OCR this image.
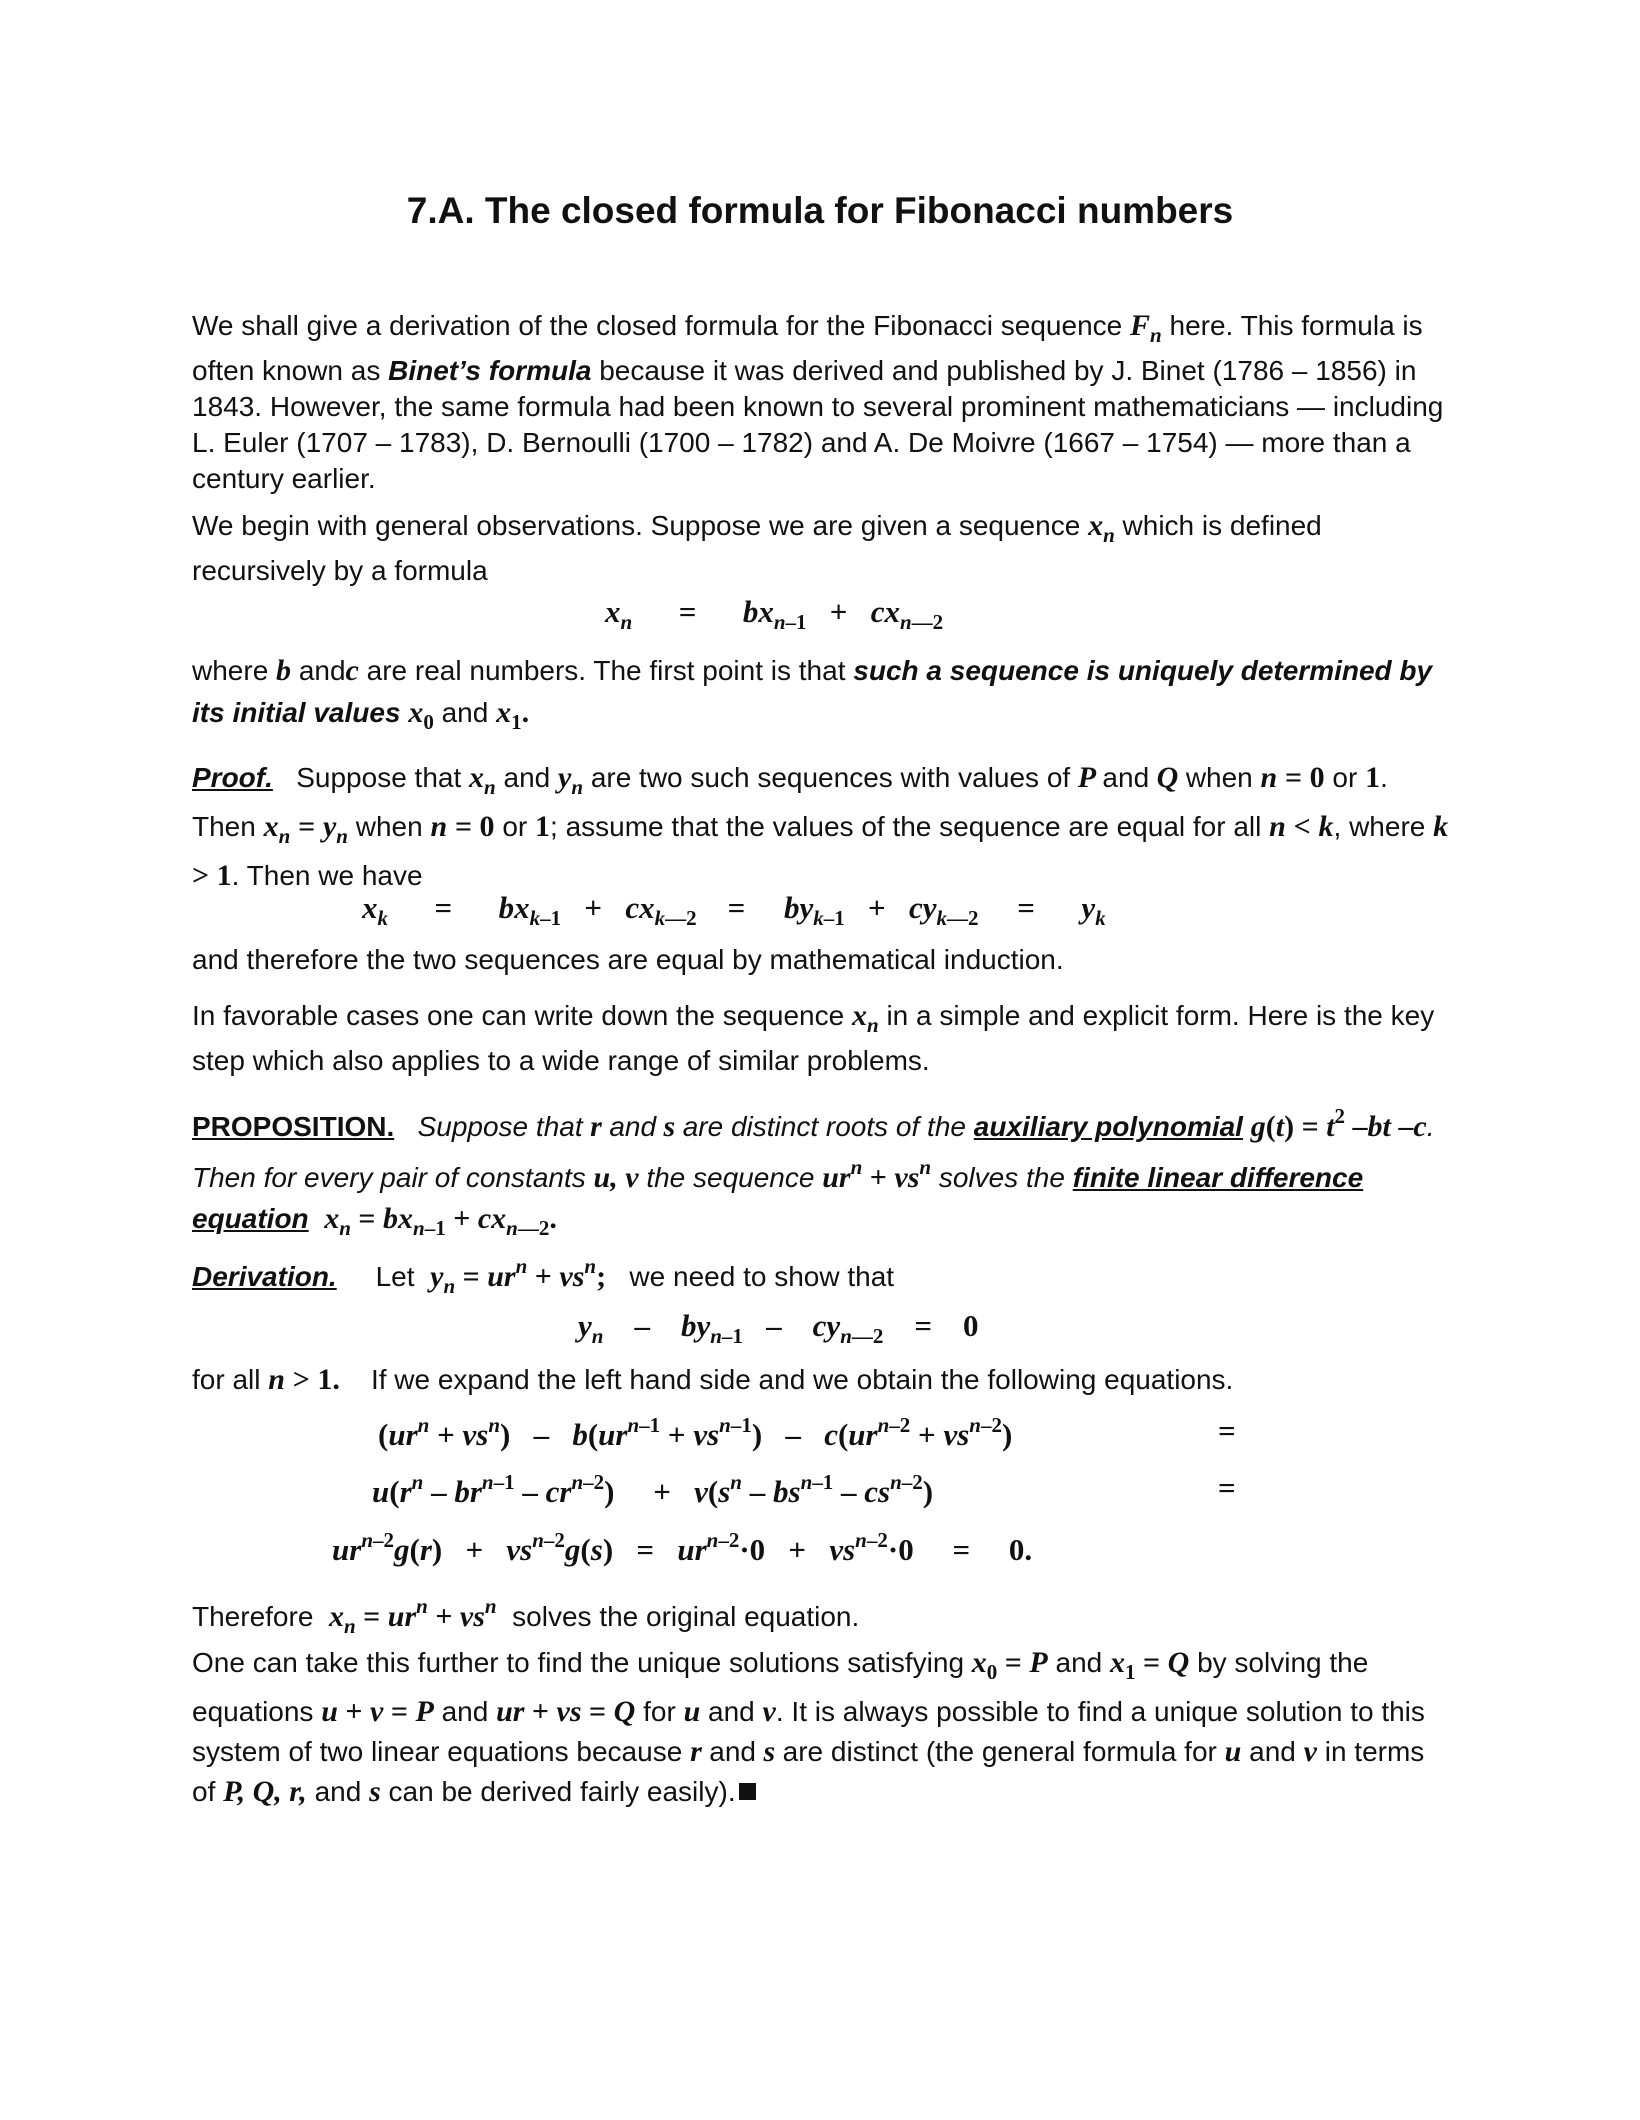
7.A. The closed formula for Fibonacci numbers
We shall give a derivation of the closed formula for the Fibonacci sequence $F_n$ here. This formula is often known as Binet’s formula because it was derived and published by J. Binet (1786 – 1856) in 1843. However, the same formula had been known to several prominent mathematicians — including L. Euler (1707 – 1783), D. Bernoulli (1700 – 1782) and A. De Moivre (1667 – 1754) — more than a century earlier.
We begin with general observations. Suppose we are given a sequence $x_n$ which is defined recursively by a formula
$x_n$      =      $bx_{n-1} + cx_{n—2}$
where b andc are real numbers. The first point is that such a sequence is uniquely determined by its initial values $x_0$ and $x_1$.
Proof. Suppose that $x_n$ and $y_n$ are two such sequences with values of P and Q when n = 0 or 1. Then $x_n = y_n$ when n = 0 or 1; assume that the values of the sequence are equal for all n < k, where k > 1. Then we have
$x_k$      =      $bx_{k-1} + cx_{k—2}$    =     $by_{k-1} + cy_{k—2}$     =      $y_k$
and therefore the two sequences are equal by mathematical induction.
In favorable cases one can write down the sequence $x_n$ in a simple and explicit form. Here is the key step which also applies to a wide range of similar problems.
PROPOSITION. Suppose that r and s are distinct roots of the auxiliary polynomial $g(t) = t^2$ –bt –c. Then for every pair of constants u, v the sequence $ur^n + vs^n$ solves the finite linear difference equation $x_n = bx_{n-1} + cx_{n—2}$.
Derivation. Let $y_n = ur^n + vs^n$; we need to show that
$y_n$    –    $by_{n-1}$   –    $cy_{n—2}$    =    0
for all n > 1. If we expand the left hand side and we obtain the following equations.
$(ur^n + vs^n) - b(ur^{n-1} + vs^{n-1}) - c(ur^{n-2} + vs^{n-2})$	=
$u(r^n - br^{n-1} - cr^{n-2})$     +   $v(s^n - bs^{n-1} - cs^{n-2})$	=
$ur^{n-2}g(r) + vs^{n-2}g(s) = ur^{n-2}\cdot 0 + vs^{n-2}\cdot 0$     =     0.
Therefore $x_n = ur^n + vs^n$ solves the original equation.
One can take this further to find the unique solutions satisfying $x_0 = P$ and $x_1 = Q$ by solving the equations u + v = P and ur + vs = Q for u and v. It is always possible to find a unique solution to this system of two linear equations because r and s are distinct (the general formula for u and v in terms of P, Q, r, and s can be derived fairly easily).
